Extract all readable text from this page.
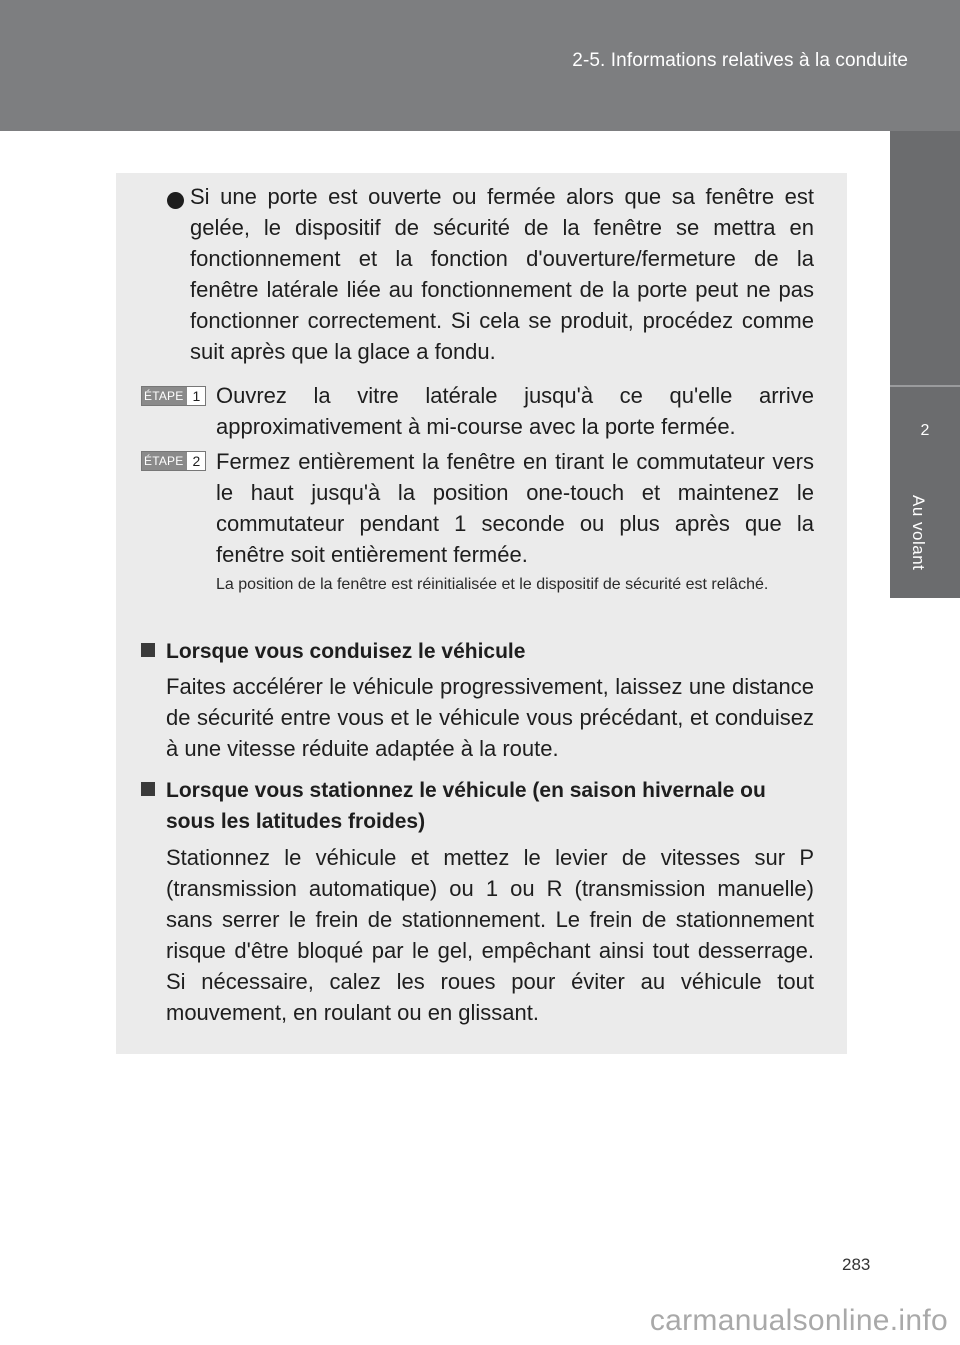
2-5. Informations relatives à la conduite
2
Au volant

Si une porte est ouverte ou fermée alors que sa fenêtre est gelée, le dispositif de sécurité de la fenêtre se mettra en fonctionnement et la fonction d'ouverture/fermeture de la fenêtre latérale liée au fonctionnement de la porte peut ne pas fonctionner correctement. Si cela se produit, procédez comme suit après que la glace a fondu.

ÉTAPE 1 Ouvrez la vitre latérale jusqu'à ce qu'elle arrive approximativement à mi-course avec la porte fermée.

ÉTAPE 2 Fermez entièrement la fenêtre en tirant le commutateur vers le haut jusqu'à la position one-touch et maintenez le commutateur pendant 1 seconde ou plus après que la fenêtre soit entièrement fermée.

La position de la fenêtre est réinitialisée et le dispositif de sécurité est relâché.

Lorsque vous conduisez le véhicule

Faites accélérer le véhicule progressivement, laissez une distance de sécurité entre vous et le véhicule vous précédant, et conduisez à une vitesse réduite adaptée à la route.

Lorsque vous stationnez le véhicule (en saison hivernale ou sous les latitudes froides)

Stationnez le véhicule et mettez le levier de vitesses sur P (transmission automatique) ou 1 ou R (transmission manuelle) sans serrer le frein de stationnement. Le frein de stationnement risque d'être bloqué par le gel, empêchant ainsi tout desserrage. Si nécessaire, calez les roues pour éviter au véhicule tout mouvement, en roulant ou en glissant.

283
carmanualsonline.info
